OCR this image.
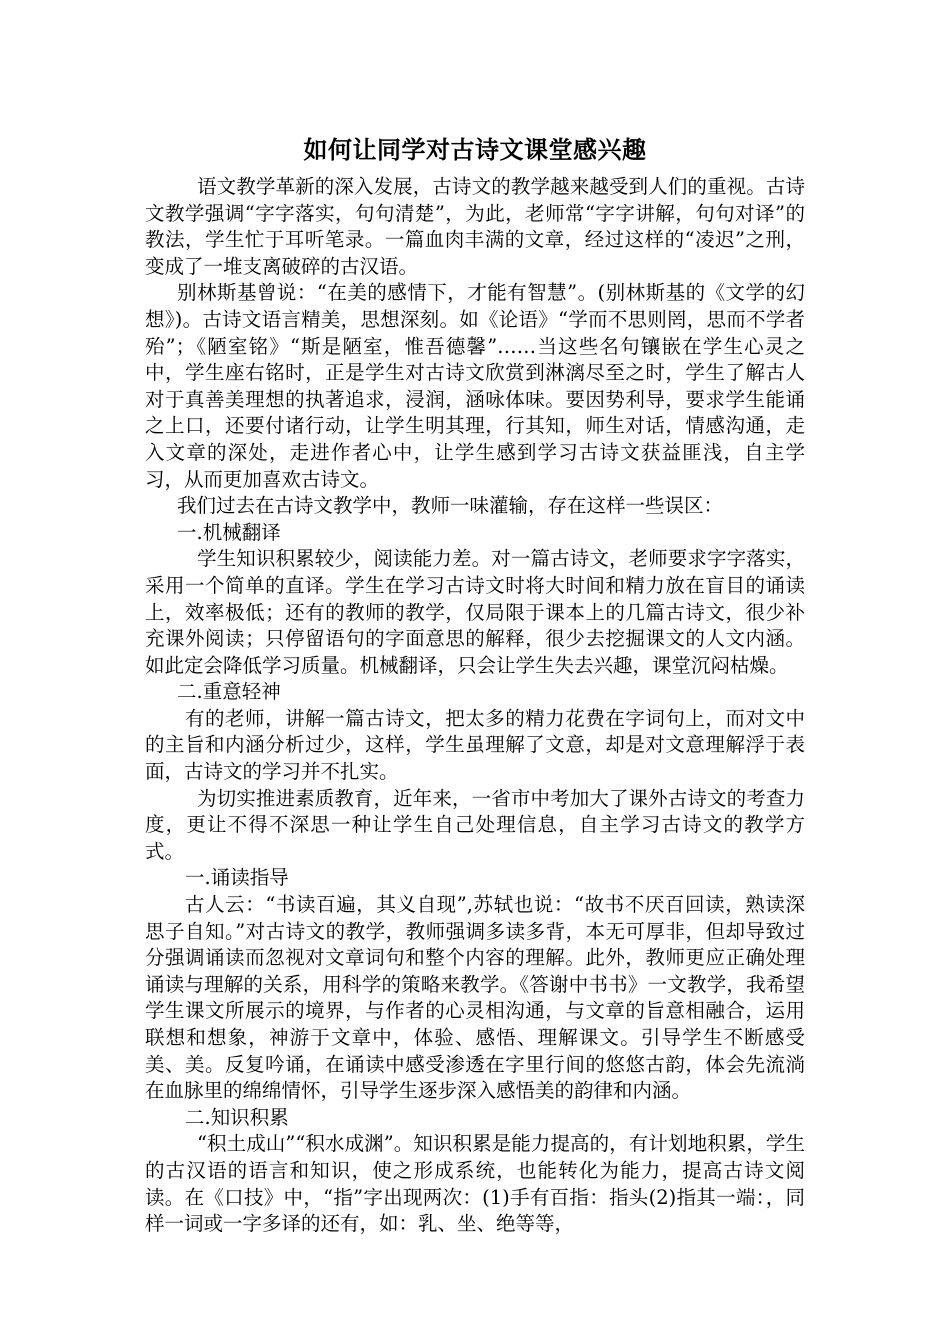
如何让同学对古诗文课堂感兴趣

语文教学革新的深入发展，古诗文的教学越来越受到人们的重视。古诗文教学强调“字字落实，句句清楚”，为此，老师常“字字讲解，句句对译”的教法，学生忙于耳听笔录。一篇血肉丰满的文章，经过这样的“凌迟”之刑，变成了一堆支离破碎的古汉语。

别林斯基曾说：“在美的感情下，才能有智慧”。(别林斯基的《文学的幻想》)。古诗文语言精美，思想深刻。如《论语》“学而不思则罔，思而不学者殆”；《陋室铭》“斯是陋室，惟吾德馨”……当这些名句镶嵌在学生心灵之中，学生座右铭时，正是学生对古诗文欣赏到淋漓尽至之时，学生了解古人对于真善美理想的执著追求，浸润，涵咏体味。要因势利导，要求学生能诵之上口，还要付诸行动，让学生明其理，行其知，师生对话，情感沟通，走入文章的深处，走进作者心中，让学生感到学习古诗文获益匪浅，自主学习，从而更加喜欢古诗文。

我们过去在古诗文教学中，教师一味灌输，存在这样一些误区：

一.机械翻译

学生知识积累较少，阅读能力差。对一篇古诗文，老师要求字字落实，采用一个简单的直译。学生在学习古诗文时将大时间和精力放在盲目的诵读上，效率极低；还有的教师的教学，仅局限于课本上的几篇古诗文，很少补充课外阅读；只停留语句的字面意思的解释，很少去挖掘课文的人文内涵。如此定会降低学习质量。机械翻译，只会让学生失去兴趣，课堂沉闷枯燥。

二.重意轻神

有的老师，讲解一篇古诗文，把太多的精力花费在字词句上，而对文中的主旨和内涵分析过少，这样，学生虽理解了文意，却是对文意理解浮于表面，古诗文的学习并不扎实。

为切实推进素质教育，近年来，一省市中考加大了课外古诗文的考查力度，更让不得不深思一种让学生自己处理信息，自主学习古诗文的教学方式。

一.诵读指导

古人云：“书读百遍，其义自现”,苏轼也说：“故书不厌百回读，熟读深思子自知。”对古诗文的教学，教师强调多读多背，本无可厚非，但却导致过分强调诵读而忽视对文章词句和整个内容的理解。此外，教师更应正确处理诵读与理解的关系，用科学的策略来教学。《答谢中书书》一文教学，我希望学生课文所展示的境界，与作者的心灵相沟通，与文章的旨意相融合，运用联想和想象，神游于文章中，体验、感悟、理解课文。引导学生不断感受美、美。反复吟诵，在诵读中感受渗透在字里行间的悠悠古韵，体会先流淌在血脉里的绵绵情怀，引导学生逐步深入感悟美的韵律和内涵。

二.知识积累

“积土成山”“积水成渊”。知识积累是能力提高的，有计划地积累，学生的古汉语的语言和知识，使之形成系统，也能转化为能力，提高古诗文阅读。在《口技》中，“指”字出现两次：(1)手有百指：指头(2)指其一端：，同样一词或一字多译的还有，如：乳、坐、绝等等，
